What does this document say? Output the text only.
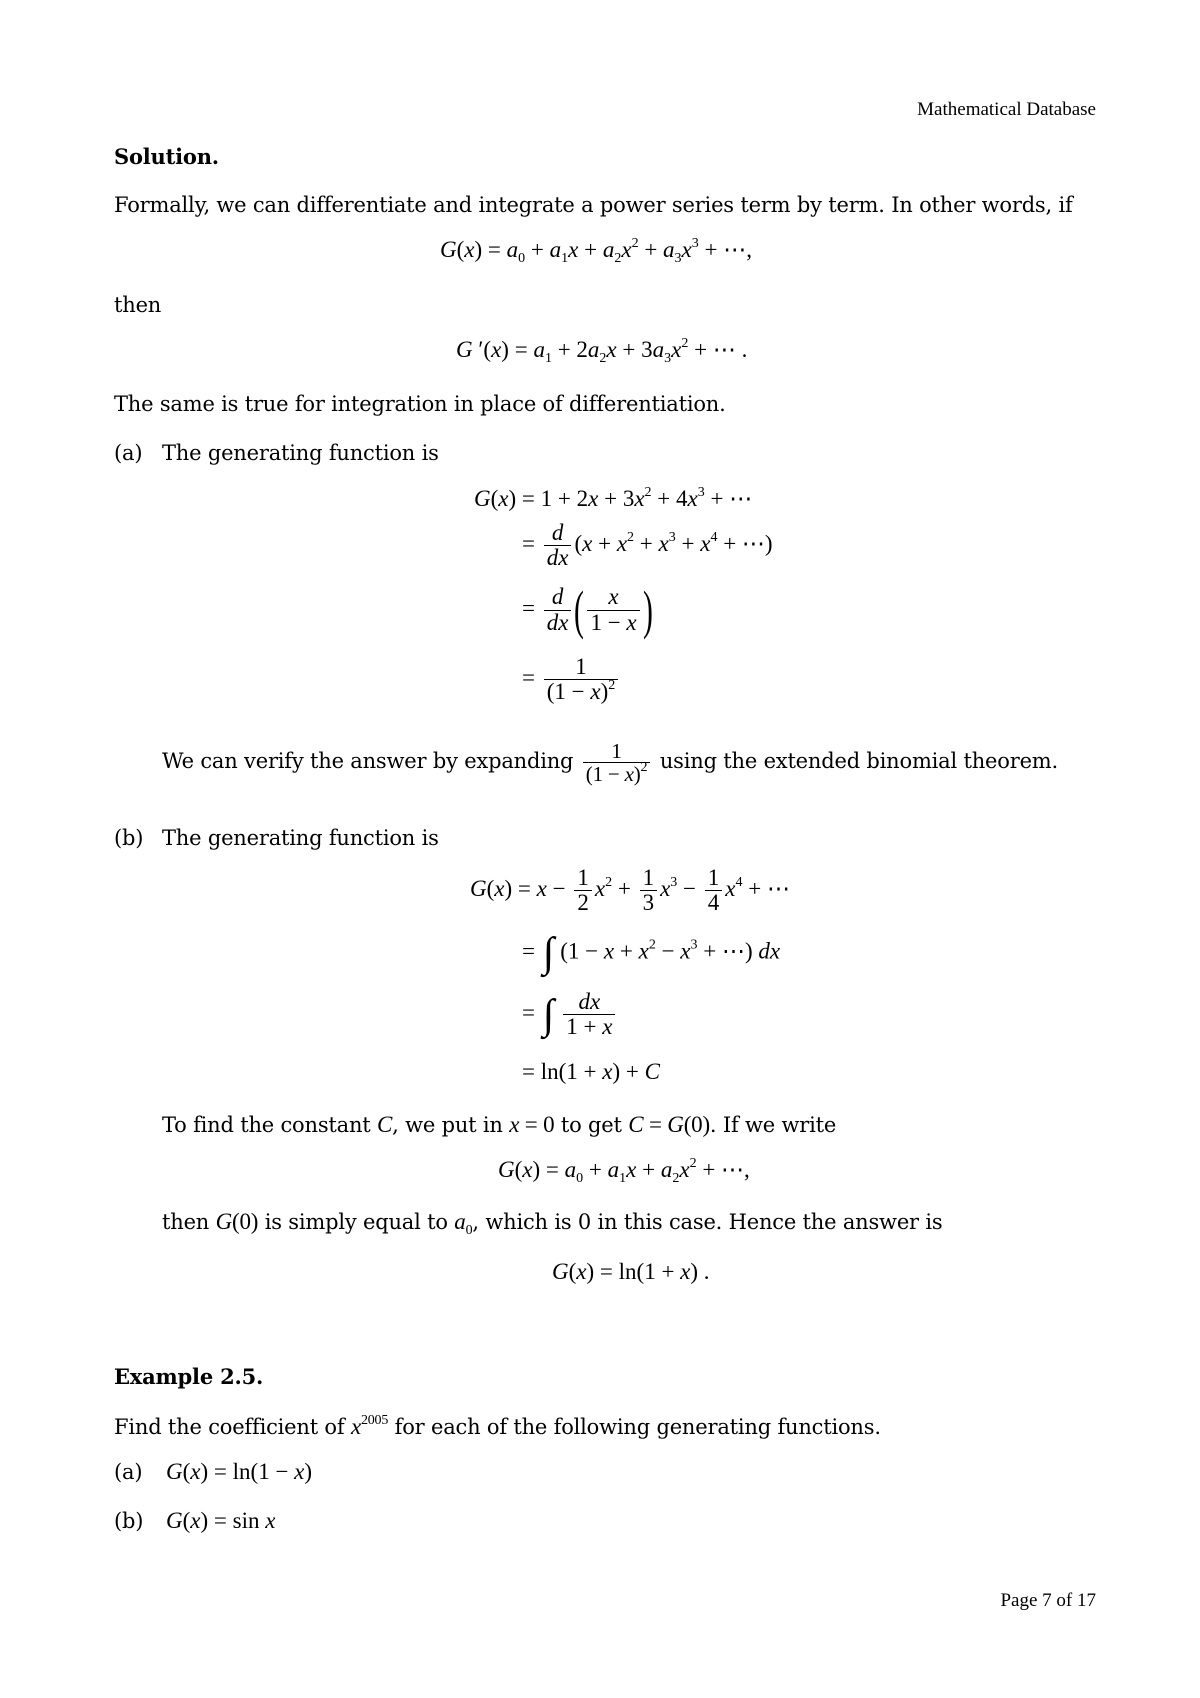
Mathematical Database
Solution.
Formally, we can differentiate and integrate a power series term by term. In other words, if
$G(x) = a_0 + a_1x + a_2x^2 + a_3x^3$ + ⋯,
then
G $'(x) = a_1 + 2a_2x + 3a_3x^2$ + ⋯ .
The same is true for integration in place of differentiation.
(a) The generating function is
$G(x) = 1 + 2x + 3x^2 + 4x^3$ + ⋯
= $\frac{d}{dx} (x + x^2 + x^3 + x^4$ + ⋯)
= $\frac{d}{dx}$ ( $\frac{x}{1 - x}$ )
= $\frac{1}{(1 - x)^2}$
We can verify the answer by expanding $\frac{1}{(1 - x)^2}$ using the extended binomial theorem.
(b) The generating function is
$G(x) = x - \frac{1}{2} x^2 + \frac{1}{3} x^3 - \frac{1}{4} x^4$ + ⋯
= ∫ ($1 - x + x^2 - x^3$ + ⋯) dx
= ∫ $\frac{dx}{1 + x}$
= ln(1 + x) + C
To find the constant C, we put in x = 0 to get C = G(0). If we write
$G(x) = a_0 + a_1x + a_2x^2$ + ⋯,
then G(0) is simply equal to $a_0$, which is 0 in this case. Hence the answer is
G(x) = ln(1 + x) .
Example 2.5.
Find the coefficient of $x^{2005}$ for each of the following generating functions.
(a) G(x) = ln(1 − x)
(b) G(x) = sin x
Page 7 of 17
